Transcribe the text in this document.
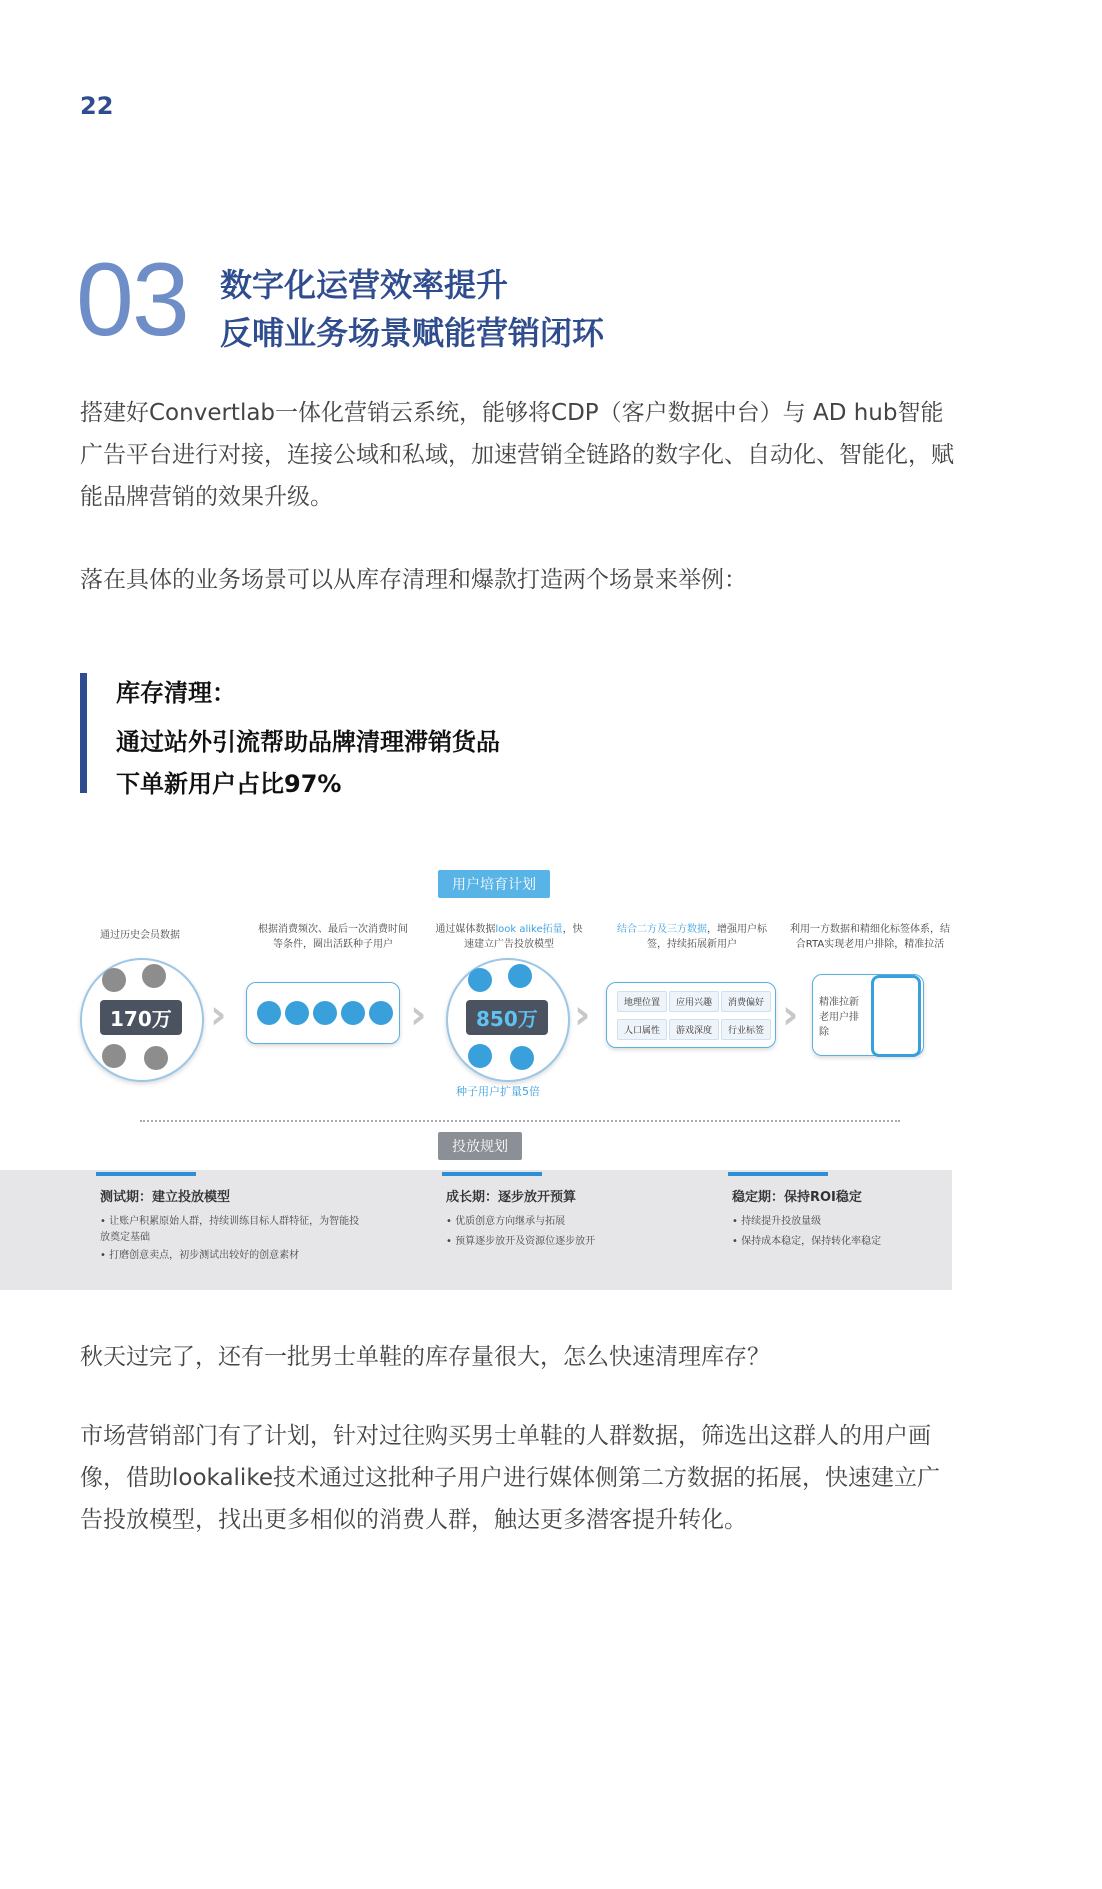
22
03 数字化运营效率提升
反哺业务场景赋能营销闭环

搭建好Convertlab一体化营销云系统，能够将CDP（客户数据中台）与 AD hub智能广告平台进行对接，连接公域和私域，加速营销全链路的数字化、自动化、智能化，赋能品牌营销的效果升级。

落在具体的业务场景可以从库存清理和爆款打造两个场景来举例：

库存清理：
通过站外引流帮助品牌清理滞销货品
下单新用户占比97%
用户培育计划
通过历史会员数据
170万 ›
根据消费频次、最后一次消费时间等条件，圈出活跃种子用户
›
通过媒体数据look alike拓量，快速建立广告投放模型
850万
种子用户扩量5倍
›
结合二方及三方数据，增强用户标签，持续拓展新用户
地理位置	应用兴趣	消费偏好
人口属性	游戏深度	行业标签 ›
利用一方数据和精细化标签体系，结合RTA实现老用户排除，精准拉活
精准拉新老用户排除
投放规划
测试期：建立投放模型
• 让账户积累原始人群，持续训练目标人群特征，为智能投放奠定基础
• 打磨创意卖点，初步测试出较好的创意素材
成长期：逐步放开预算
• 优质创意方向继承与拓展
• 预算逐步放开及资源位逐步放开
稳定期：保持ROI稳定
• 持续提升投放量级
• 保持成本稳定，保持转化率稳定

秋天过完了，还有一批男士单鞋的库存量很大，怎么快速清理库存？

市场营销部门有了计划，针对过往购买男士单鞋的人群数据，筛选出这群人的用户画像，借助lookalike技术通过这批种子用户进行媒体侧第二方数据的拓展，快速建立广告投放模型，找出更多相似的消费人群，触达更多潜客提升转化。
